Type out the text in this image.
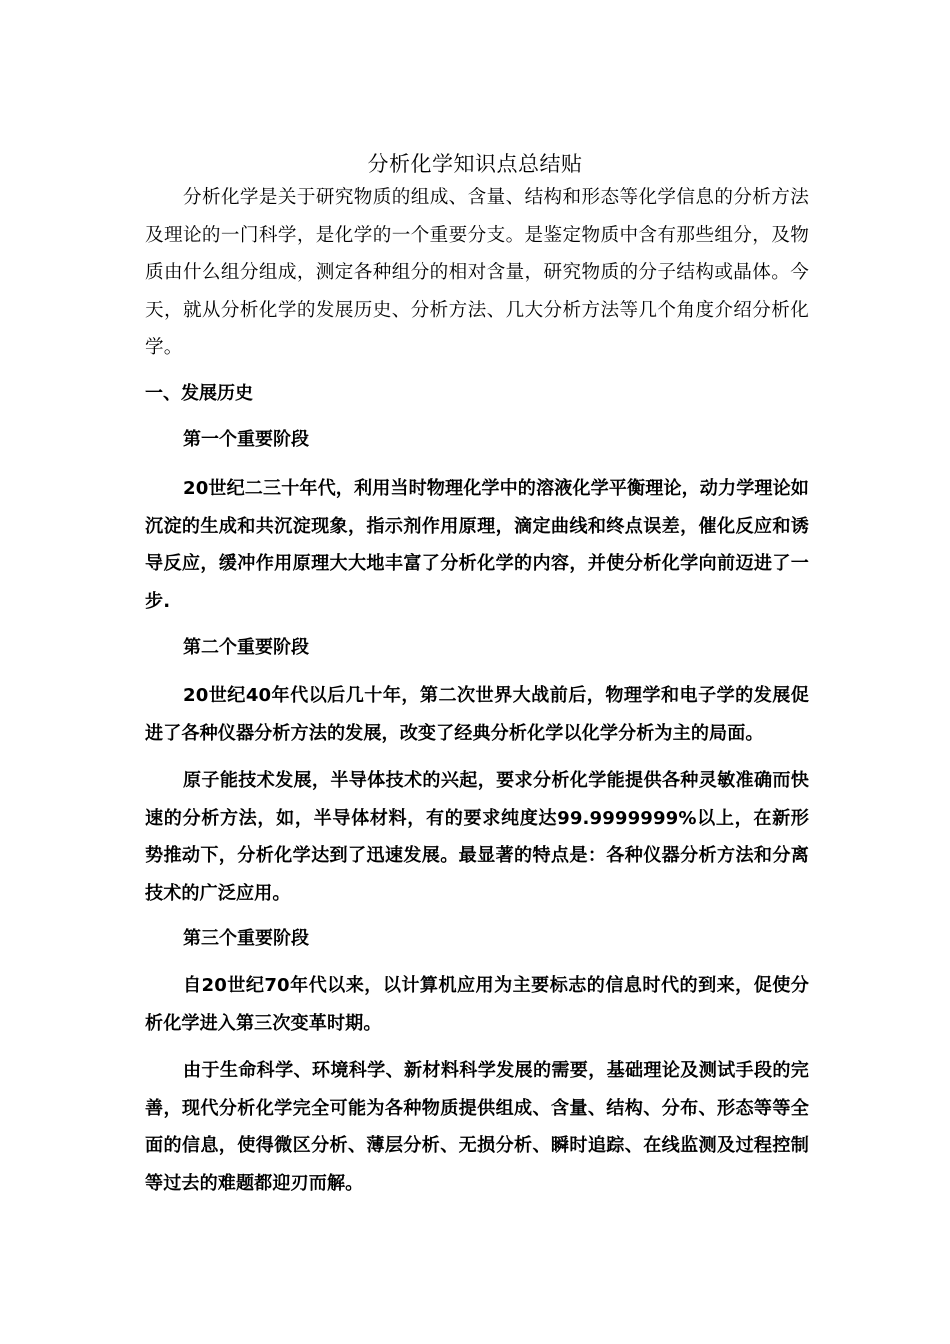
分析化学知识点总结贴

分析化学是关于研究物质的组成、含量、结构和形态等化学信息的分析方法及理论的一门科学，是化学的一个重要分支。是鉴定物质中含有那些组分，及物质由什么组分组成，测定各种组分的相对含量，研究物质的分子结构或晶体。今天，就从分析化学的发展历史、分析方法、几大分析方法等几个角度介绍分析化学。

一、发展历史
第一个重要阶段

20世纪二三十年代，利用当时物理化学中的溶液化学平衡理论，动力学理论如沉淀的生成和共沉淀现象，指示剂作用原理，滴定曲线和终点误差，催化反应和诱导反应，缓冲作用原理大大地丰富了分析化学的内容，并使分析化学向前迈进了一步.

第二个重要阶段

20世纪40年代以后几十年，第二次世界大战前后，物理学和电子学的发展促进了各种仪器分析方法的发展，改变了经典分析化学以化学分析为主的局面。

原子能技术发展，半导体技术的兴起，要求分析化学能提供各种灵敏准确而快速的分析方法，如，半导体材料，有的要求纯度达99.9999999%以上，在新形势推动下，分析化学达到了迅速发展。最显著的特点是：各种仪器分析方法和分离技术的广泛应用。

第三个重要阶段

自20世纪70年代以来，以计算机应用为主要标志的信息时代的到来，促使分析化学进入第三次变革时期。

由于生命科学、环境科学、新材料科学发展的需要，基础理论及测试手段的完善，现代分析化学完全可能为各种物质提供组成、含量、结构、分布、形态等等全面的信息，使得微区分析、薄层分析、无损分析、瞬时追踪、在线监测及过程控制等过去的难题都迎刃而解。
